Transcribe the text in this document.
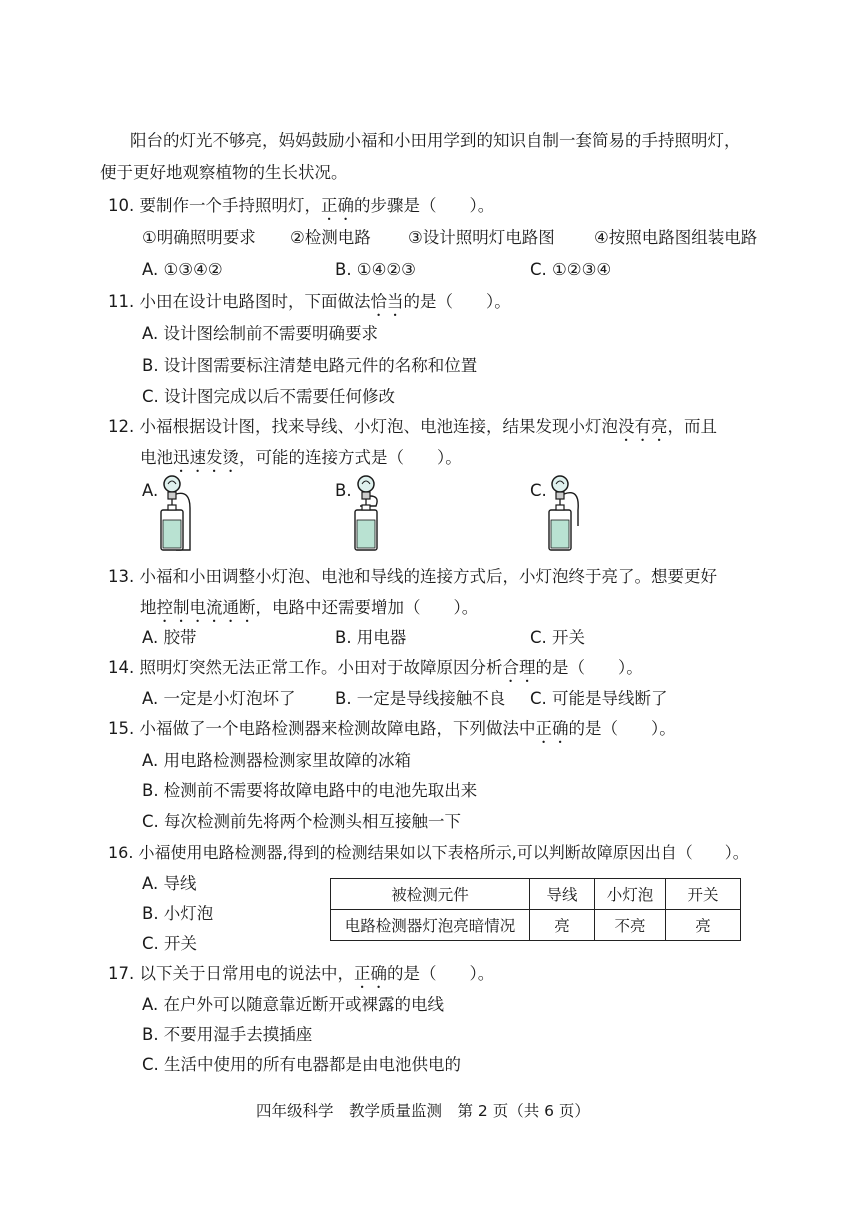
阳台的灯光不够亮，妈妈鼓励小福和小田用学到的知识自制一套简易的手持照明灯，
便于更好地观察植物的生长状况。
10. 要制作一个手持照明灯，正确的步骤是（　　）。
①明确照明要求 ②检测电路 ③设计照明灯电路图 ④按照电路图组装电路
A. ①③④②	B. ①④②③	C. ①②③④
11. 小田在设计电路图时，下面做法恰当的是（　　）。
A. 设计图绘制前不需要明确要求
B. 设计图需要标注清楚电路元件的名称和位置
C. 设计图完成以后不需要任何修改
12. 小福根据设计图，找来导线、小灯泡、电池连接，结果发现小灯泡没有亮，而且
电池迅速发烫，可能的连接方式是（　　）。
A.	B.	C.
13. 小福和小田调整小灯泡、电池和导线的连接方式后，小灯泡终于亮了。想要更好
地控制电流通断，电路中还需要增加（　　）。
A. 胶带	B. 用电器	C. 开关
14. 照明灯突然无法正常工作。小田对于故障原因分析合理的是（　　）。
A. 一定是小灯泡坏了 B. 一定是导线接触不良 C. 可能是导线断了
15. 小福做了一个电路检测器来检测故障电路，下列做法中正确的是（　　）。
A. 用电路检测器检测家里故障的冰箱
B. 检测前不需要将故障电路中的电池先取出来
C. 每次检测前先将两个检测头相互接触一下
16. 小福使用电路检测器,得到的检测结果如以下表格所示,可以判断故障原因出自（　　）。
A. 导线
B. 小灯泡
C. 开关
被检测元件	导线	小灯泡	开关
电路检测器灯泡亮暗情况	亮	不亮	亮
17. 以下关于日常用电的说法中，正确的是（　　）。
A. 在户外可以随意靠近断开或裸露的电线
B. 不要用湿手去摸插座
C. 生活中使用的所有电器都是由电池供电的
四年级科学　教学质量监测　第 2 页（共 6 页）
